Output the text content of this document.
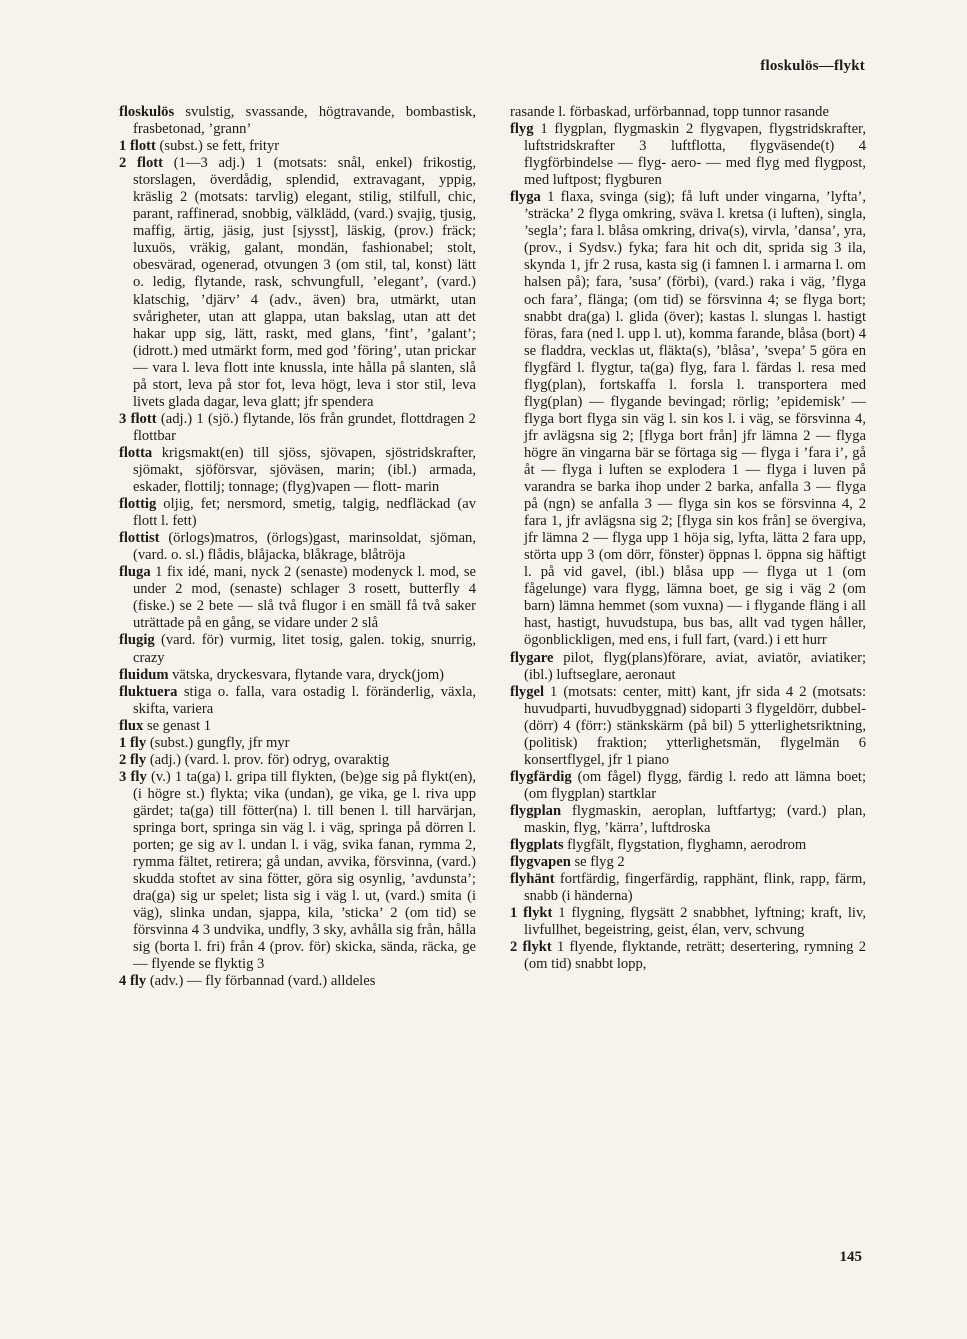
floskulös—flykt

floskulös svulstig, svassande, högtravande, bombastisk, frasbetonad, ’grann’

1 flott (subst.) se fett, frityr

2 flott (1—3 adj.) 1 (motsats: snål, enkel) frikostig, storslagen, överdådig, splendid, extravagant, yppig, kräslig 2 (motsats: tarvlig) elegant, stilig, stilfull, chic, parant, raffinerad, snobbig, välklädd, (vard.) svajig, tjusig, maffig, ärtig, jäsig, just [sjysst], läskig, (prov.) fräck; luxuös, vräkig, galant, mondän, fashionabel; stolt, obesvärad, ogenerad, otvungen 3 (om stil, tal, konst) lätt o. ledig, flytande, rask, schvungfull, ’elegant’, (vard.) klatschig, ’djärv’ 4 (adv., även) bra, utmärkt, utan svårigheter, utan att glappa, utan bakslag, utan att det hakar upp sig, lätt, raskt, med glans, ’fint’, ’galant’; (idrott.) med utmärkt form, med god ’föring’, utan prickar — vara l. leva flott inte knussla, inte hålla på slanten, slå på stort, leva på stor fot, leva högt, leva i stor stil, leva livets glada dagar, leva glatt; jfr spendera

3 flott (adj.) 1 (sjö.) flytande, lös från grundet, flottdragen 2 flottbar

flotta krigsmakt(en) till sjöss, sjövapen, sjöstridskrafter, sjömakt, sjöförsvar, sjöväsen, marin; (ibl.) armada, eskader, flottilj; tonnage; (flyg)vapen — flott- marin

flottig oljig, fet; nersmord, smetig, talgig, nedfläckad (av flott l. fett)

flottist (örlogs)matros, (örlogs)gast, marinsoldat, sjöman, (vard. o. sl.) flådis, blåjacka, blåkrage, blåtröja

fluga 1 fix idé, mani, nyck 2 (senaste) modenyck l. mod, se under 2 mod, (senaste) schlager 3 rosett, butterfly 4 (fiske.) se 2 bete — slå två flugor i en smäll få två saker uträttade på en gång, se vidare under 2 slå

flugig (vard. för) vurmig, litet tosig, galen. tokig, snurrig, crazy

fluidum vätska, dryckesvara, flytande vara, dryck(jom)

fluktuera stiga o. falla, vara ostadig l. föränderlig, växla, skifta, variera

flux se genast 1

1 fly (subst.) gungfly, jfr myr

2 fly (adj.) (vard. l. prov. för) odryg, ovaraktig

3 fly (v.) 1 ta(ga) l. gripa till flykten, (be)ge sig på flykt(en), (i högre st.) flykta; vika (undan), ge vika, ge l. riva upp gärdet; ta(ga) till fötter(na) l. till benen l. till harvärjan, springa bort, springa sin väg l. i väg, springa på dörren l. porten; ge sig av l. undan l. i väg, svika fanan, rymma 2, rymma fältet, retirera; gå undan, avvika, försvinna, (vard.) skudda stoftet av sina fötter, göra sig osynlig, ’avdunsta’; dra(ga) sig ur spelet; lista sig i väg l. ut, (vard.) smita (i väg), slinka undan, sjappa, kila, ’sticka’ 2 (om tid) se försvinna 4 3 undvika, undfly, 3 sky, avhålla sig från, hålla sig (borta l. fri) från 4 (prov. för) skicka, sända, räcka, ge — flyende se flyktig 3

4 fly (adv.) — fly förbannad (vard.) alldeles

rasande l. förbaskad, urförbannad, topp tunnor rasande

flyg 1 flygplan, flygmaskin 2 flygvapen, flygstridskrafter, luftstridskrafter 3 luftflotta, flygväsende(t) 4 flygförbindelse — flyg- aero- — med flyg med flygpost, med luftpost; flygburen

flyga 1 flaxa, svinga (sig); få luft under vingarna, ’lyfta’, ’sträcka’ 2 flyga omkring, sväva l. kretsa (i luften), singla, ’segla’; fara l. blåsa omkring, driva(s), virvla, ’dansa’, yra, (prov., i Sydsv.) fyka; fara hit och dit, sprida sig 3 ila, skynda 1, jfr 2 rusa, kasta sig (i famnen l. i armarna l. om halsen på); fara, ’susa’ (förbi), (vard.) raka i väg, ’flyga och fara’, flänga; (om tid) se försvinna 4; se flyga bort; snabbt dra(ga) l. glida (över); kastas l. slungas l. hastigt föras, fara (ned l. upp l. ut), komma farande, blåsa (bort) 4 se fladdra, vecklas ut, fläkta(s), ’blåsa’, ’svepa’ 5 göra en flygfärd l. flygtur, ta(ga) flyg, fara l. färdas l. resa med flyg(plan), fortskaffa l. forsla l. transportera med flyg(plan) — flygande bevingad; rörlig; ’epidemisk’ — flyga bort flyga sin väg l. sin kos l. i väg, se försvinna 4, jfr avlägsna sig 2; [flyga bort från] jfr lämna 2 — flyga högre än vingarna bär se förtaga sig — flyga i ’fara i’, gå åt — flyga i luften se explodera 1 — flyga i luven på varandra se barka ihop under 2 barka, anfalla 3 — flyga på (ngn) se anfalla 3 — flyga sin kos se försvinna 4, 2 fara 1, jfr avlägsna sig 2; [flyga sin kos från] se övergiva, jfr lämna 2 — flyga upp 1 höja sig, lyfta, lätta 2 fara upp, störta upp 3 (om dörr, fönster) öppnas l. öppna sig häftigt l. på vid gavel, (ibl.) blåsa upp — flyga ut 1 (om fågelunge) vara flygg, lämna boet, ge sig i väg 2 (om barn) lämna hemmet (som vuxna) — i flygande fläng i all hast, hastigt, huvudstupa, bus bas, allt vad tygen håller, ögonblickligen, med ens, i full fart, (vard.) i ett hurr

flygare pilot, flyg(plans)förare, aviat, aviatör, aviatiker; (ibl.) luftseglare, aeronaut

flygel 1 (motsats: center, mitt) kant, jfr sida 4 2 (motsats: huvudparti, huvudbyggnad) sidoparti 3 flygeldörr, dubbel- (dörr) 4 (förr:) stänkskärm (på bil) 5 ytterlighetsriktning, (politisk) fraktion; ytterlighetsmän, flygelmän 6 konsertflygel, jfr 1 piano

flygfärdig (om fågel) flygg, färdig l. redo att lämna boet; (om flygplan) startklar

flygplan flygmaskin, aeroplan, luftfartyg; (vard.) plan, maskin, flyg, ’kärra’, luftdroska

flygplats flygfält, flygstation, flyghamn, aerodrom

flygvapen se flyg 2

flyhänt fortfärdig, fingerfärdig, rapphänt, flink, rapp, färm, snabb (i händerna)

1 flykt 1 flygning, flygsätt 2 snabbhet, lyftning; kraft, liv, livfullhet, begeistring, geist, élan, verv, schvung

2 flykt 1 flyende, flyktande, reträtt; desertering, rymning 2 (om tid) snabbt lopp,

145
